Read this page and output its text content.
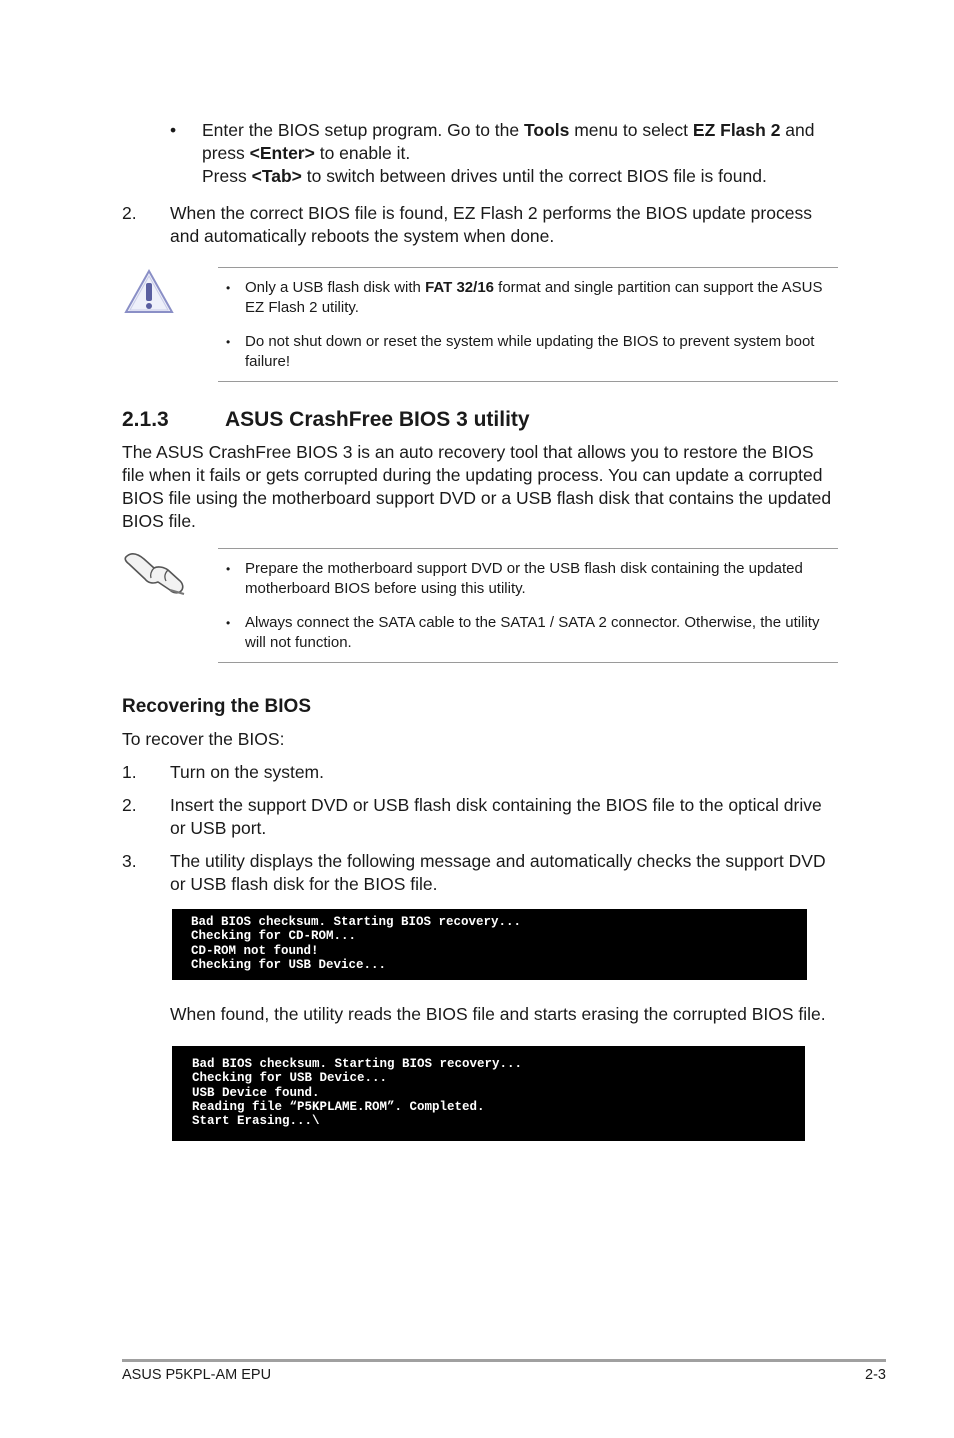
• Enter the BIOS setup program. Go to the Tools menu to select EZ Flash 2 and press <Enter> to enable it.
Press <Tab> to switch between drives until the correct BIOS file is found.
2. When the correct BIOS file is found, EZ Flash 2 performs the BIOS update process and automatically reboots the system when done.
• Only a USB flash disk with FAT 32/16 format and single partition can support the ASUS EZ Flash 2 utility.
• Do not shut down or reset the system while updating the BIOS to prevent system boot failure!
2.1.3	ASUS CrashFree BIOS 3 utility
The ASUS CrashFree BIOS 3 is an auto recovery tool that allows you to restore the BIOS file when it fails or gets corrupted during the updating process. You can update a corrupted BIOS file using the motherboard support DVD or a USB flash disk that contains the updated BIOS file.
• Prepare the motherboard support DVD or the USB flash disk containing the updated motherboard BIOS before using this utility.
• Always connect the SATA cable to the SATA1 / SATA 2 connector. Otherwise, the utility will not function.
Recovering the BIOS
To recover the BIOS:
1. Turn on the system.
2. Insert the support DVD or USB flash disk containing the BIOS file to the optical drive or USB port.
3. The utility displays the following message and automatically checks the support DVD or USB flash disk for the BIOS file.
Bad BIOS checksum. Starting BIOS recovery...
Checking for CD-ROM...
CD-ROM not found!
Checking for USB Device...
When found, the utility reads the BIOS file and starts erasing the corrupted BIOS file.
Bad BIOS checksum. Starting BIOS recovery...
Checking for USB Device...
USB Device found.
Reading file “P5KPLAME.ROM”. Completed.
Start Erasing...\
ASUS P5KPL-AM EPU	2-3
